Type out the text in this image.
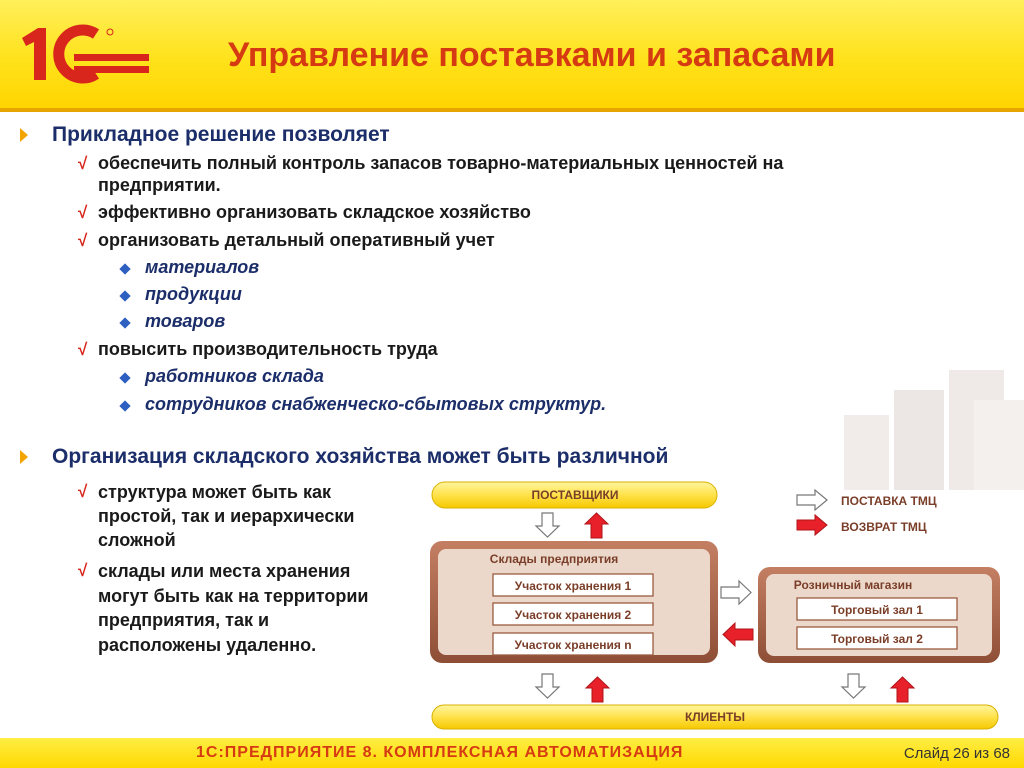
Управление поставками и запасами
Прикладное решение позволяет
√ обеспечить полный контроль запасов товарно-материальных ценностей на предприятии.
√ эффективно организовать складское хозяйство
√ организовать детальный оперативный учет
материалов
продукции
товаров
√ повысить производительность труда
работников склада
сотрудников снабженческо-сбытовых структур.
Организация складского хозяйства может быть различной
√ структура может быть как простой, так и иерархически сложной
√ склады или места хранения могут быть как на территории предприятия, так и расположены удаленно.
ПОСТАВЩИКИ	ПОСТАВКА ТМЦ
ВОЗВРАТ ТМЦ
Склады предприятия
Участок хранения 1
Участок хранения 2
Участок хранения n
Розничный магазин
Торговый зал 1
Торговый зал 2
КЛИЕНТЫ
1С:ПРЕДПРИЯТИЕ 8. КОМПЛЕКСНАЯ АВТОМАТИЗАЦИЯ	Слайд 26 из 68
